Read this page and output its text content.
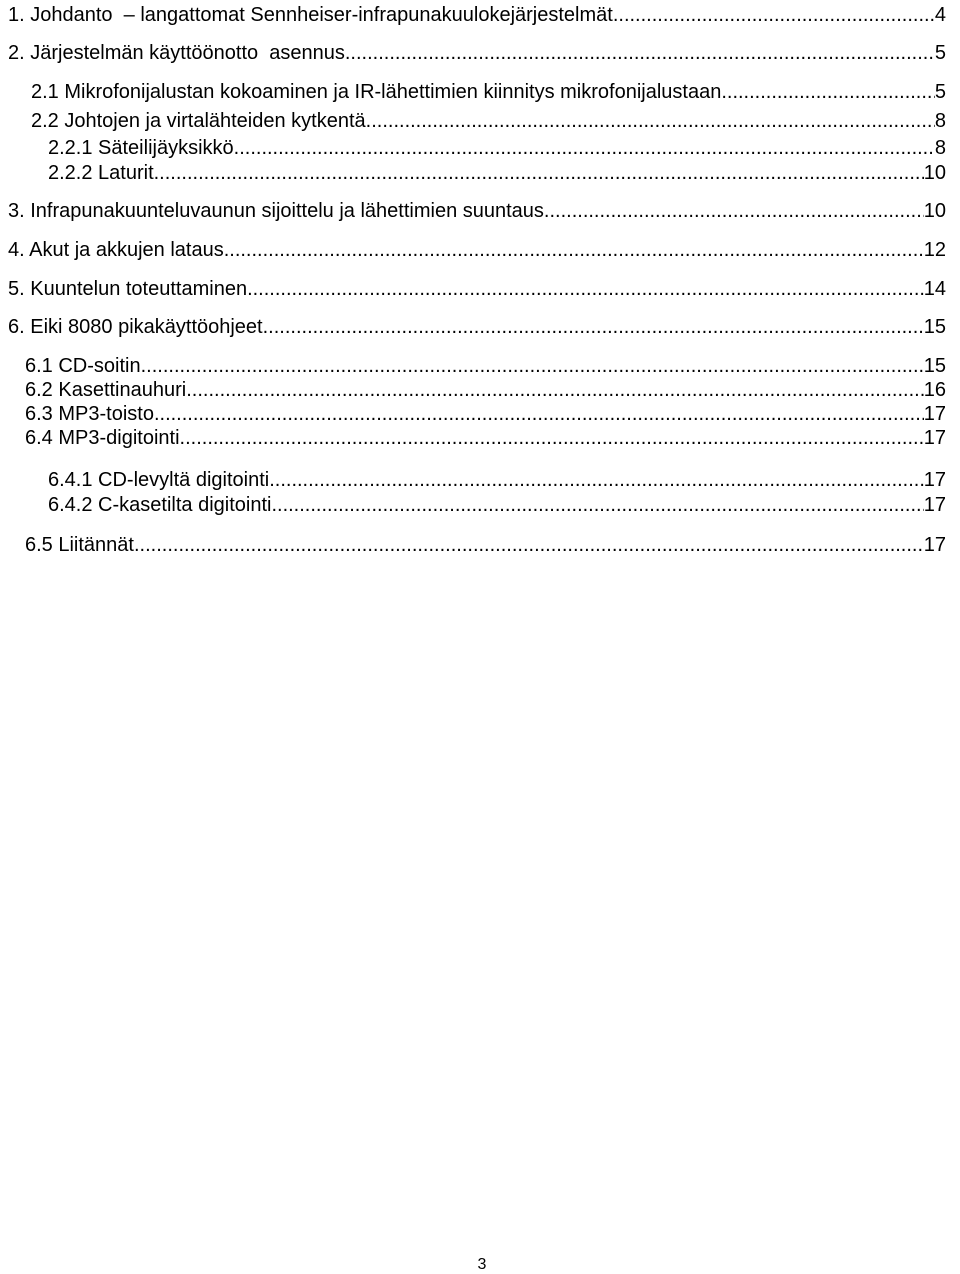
1. Johdanto  – langattomat Sennheiser-infrapunakuulokejärjestelmät .....	4
2. Järjestelmän käyttöönotto  asennus .....	5
2.1 Mikrofonijalustan kokoaminen ja IR-lähettimien kiinnitys mikrofonijalustaan .....	5
2.2 Johtojen ja virtalähteiden kytkentä .....	8
2.2.1 Säteilijäyksikkö .....	8
2.2.2 Laturit .....	10
3. Infrapunakuunteluvaunun sijoittelu ja lähettimien suuntaus .....	10
4. Akut ja akkujen lataus .....	12
5. Kuuntelun toteuttaminen .....	14
6. Eiki 8080 pikakäyttöohjeet .....	15
6.1 CD-soitin .....	15
6.2 Kasettinauhuri .....	16
6.3 MP3-toisto .....	17
6.4 MP3-digitointi .....	17
6.4.1 CD-levyltä digitointi .....	17
6.4.2 C-kasetilta digitointi .....	17
6.5 Liitännät .....	17
3
